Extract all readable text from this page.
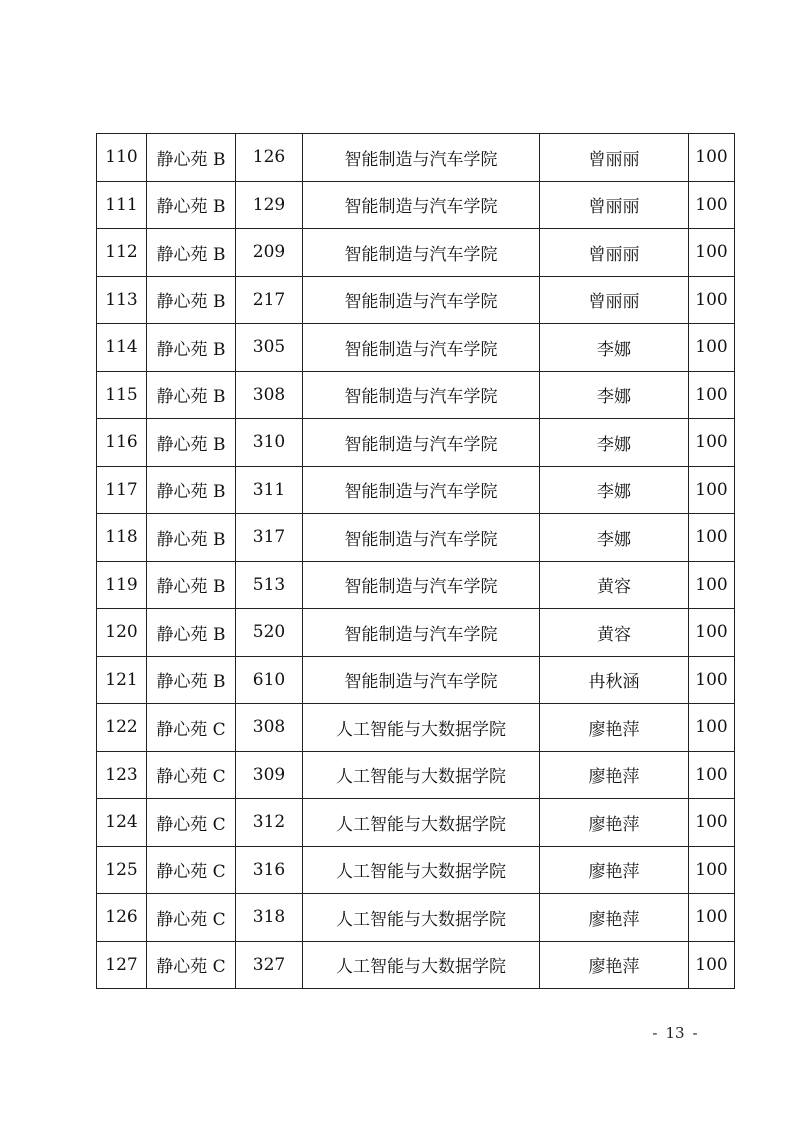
110	静心苑 B	126	智能制造与汽车学院	曾丽丽	100
111	静心苑 B	129	智能制造与汽车学院	曾丽丽	100
112	静心苑 B	209	智能制造与汽车学院	曾丽丽	100
113	静心苑 B	217	智能制造与汽车学院	曾丽丽	100
114	静心苑 B	305	智能制造与汽车学院	李娜	100
115	静心苑 B	308	智能制造与汽车学院	李娜	100
116	静心苑 B	310	智能制造与汽车学院	李娜	100
117	静心苑 B	311	智能制造与汽车学院	李娜	100
118	静心苑 B	317	智能制造与汽车学院	李娜	100
119	静心苑 B	513	智能制造与汽车学院	黄容	100
120	静心苑 B	520	智能制造与汽车学院	黄容	100
121	静心苑 B	610	智能制造与汽车学院	冉秋涵	100
122	静心苑 C	308	人工智能与大数据学院	廖艳萍	100
123	静心苑 C	309	人工智能与大数据学院	廖艳萍	100
124	静心苑 C	312	人工智能与大数据学院	廖艳萍	100
125	静心苑 C	316	人工智能与大数据学院	廖艳萍	100
126	静心苑 C	318	人工智能与大数据学院	廖艳萍	100
127	静心苑 C	327	人工智能与大数据学院	廖艳萍	100
- 13 -
